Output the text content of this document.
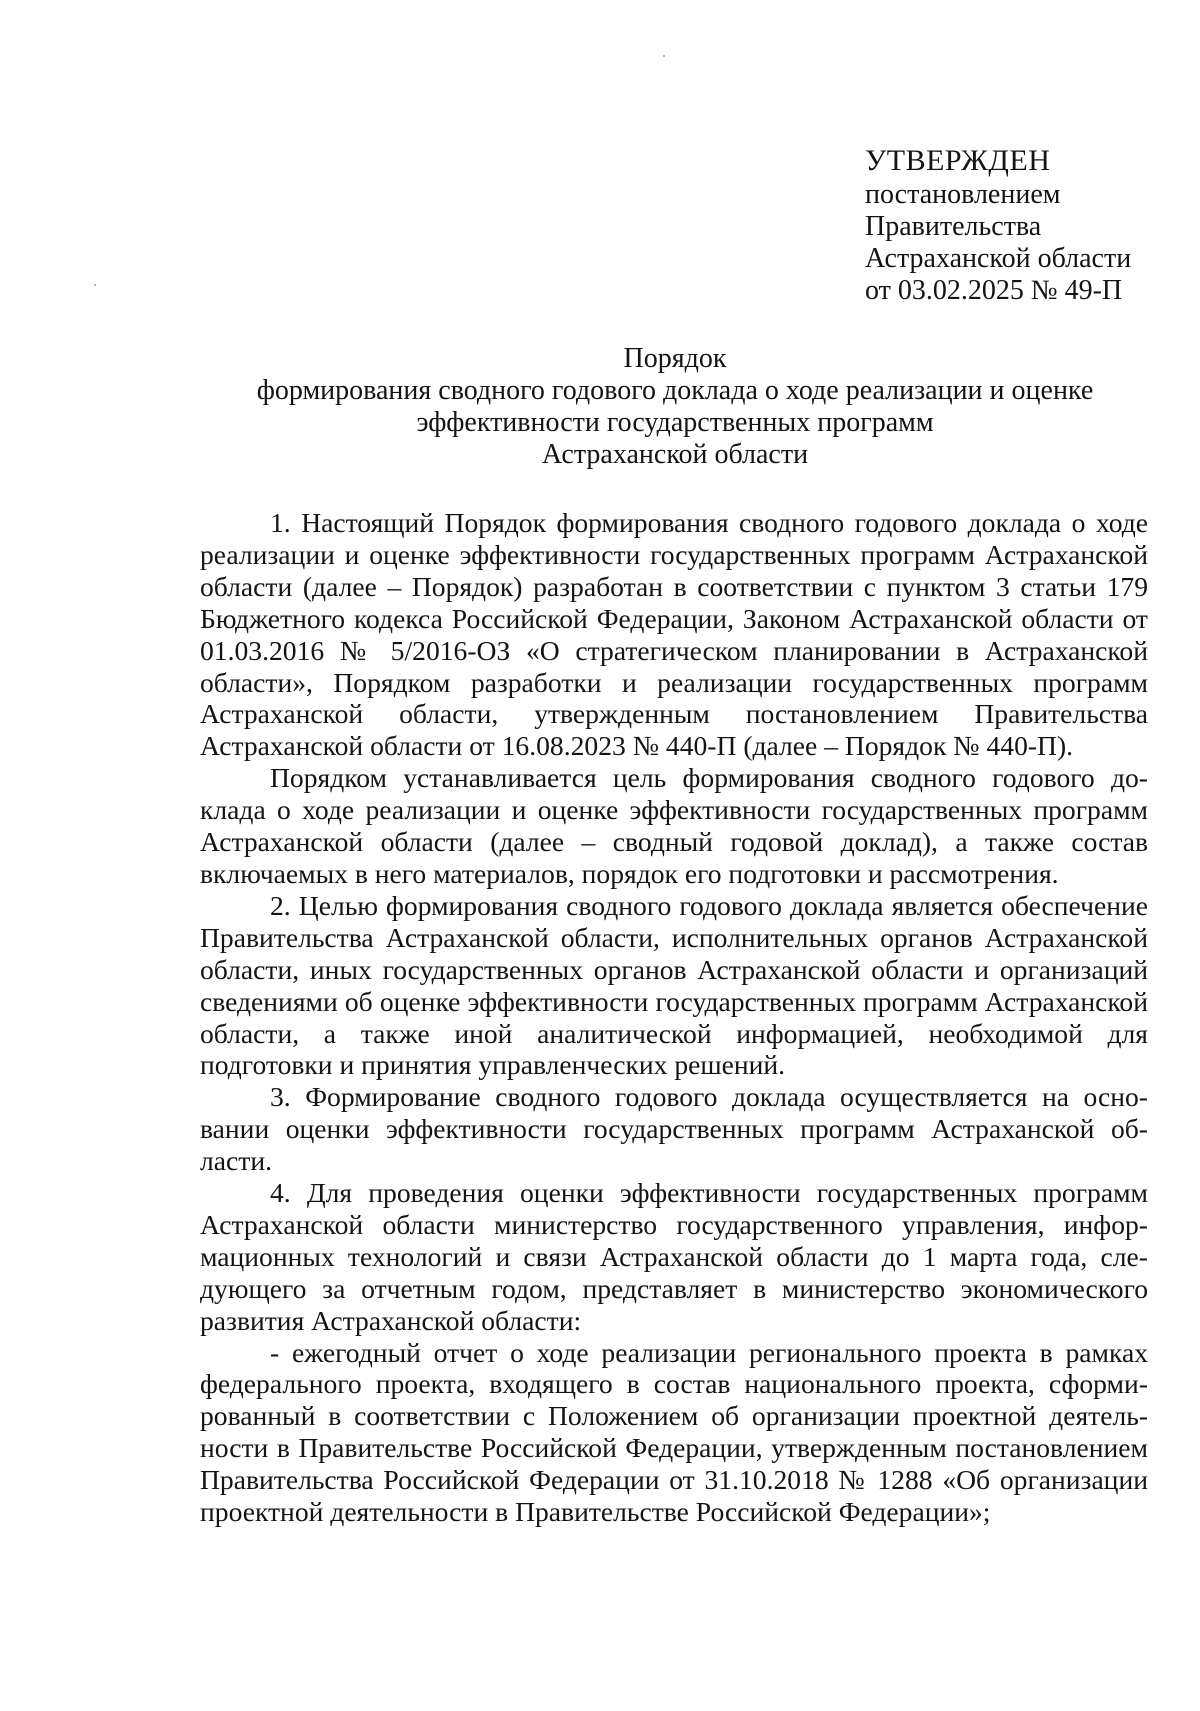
УТВЕРЖДЕН
постановлением
Правительства
Астраханской области
от 03.02.2025 № 49-П
Порядок
формирования сводного годового доклада о ходе реализации и оценке
эффективности государственных программ
Астраханской области

1. Настоящий Порядок формирования сводного годового доклада о ходе реализации и оценке эффективности государственных программ Астраханской области (далее – Порядок) разработан в соответствии с пунктом 3 статьи 179 Бюджетного кодекса Российской Федерации, Законом Астраханской области от 01.03.2016 № 5/2016-ОЗ «О стратегическом планировании в Астраханской области», Порядком разработки и реализации государственных программ Астраханской области, утвержденным постановлением Правительства Астраханской области от 16.08.2023 № 440-П (далее – Порядок № 440-П).

Порядком устанавливается цель формирования сводного годового доклада о ходе реализации и оценке эффективности государственных программ Астраханской области (далее – сводный годовой доклад), а также состав включаемых в него материалов, порядок его подготовки и рассмотрения.

2. Целью формирования сводного годового доклада является обеспечение Правительства Астраханской области, исполнительных органов Астраханской области, иных государственных органов Астраханской области и организаций сведениями об оценке эффективности государственных программ Астраханской области, а также иной аналитической информацией, необходимой для подготовки и принятия управленческих решений.

3. Формирование сводного годового доклада осуществляется на основании оценки эффективности государственных программ Астраханской области.

4. Для проведения оценки эффективности государственных программ Астраханской области министерство государственного управления, информационных технологий и связи Астраханской области до 1 марта года, следующего за отчетным годом, представляет в министерство экономического развития Астраханской области:

- ежегодный отчет о ходе реализации регионального проекта в рамках федерального проекта, входящего в состав национального проекта, сформированный в соответствии с Положением об организации проектной деятельности в Правительстве Российской Федерации, утвержденным постановлением Правительства Российской Федерации от 31.10.2018 № 1288 «Об организации проектной деятельности в Правительстве Российской Федерации»;
